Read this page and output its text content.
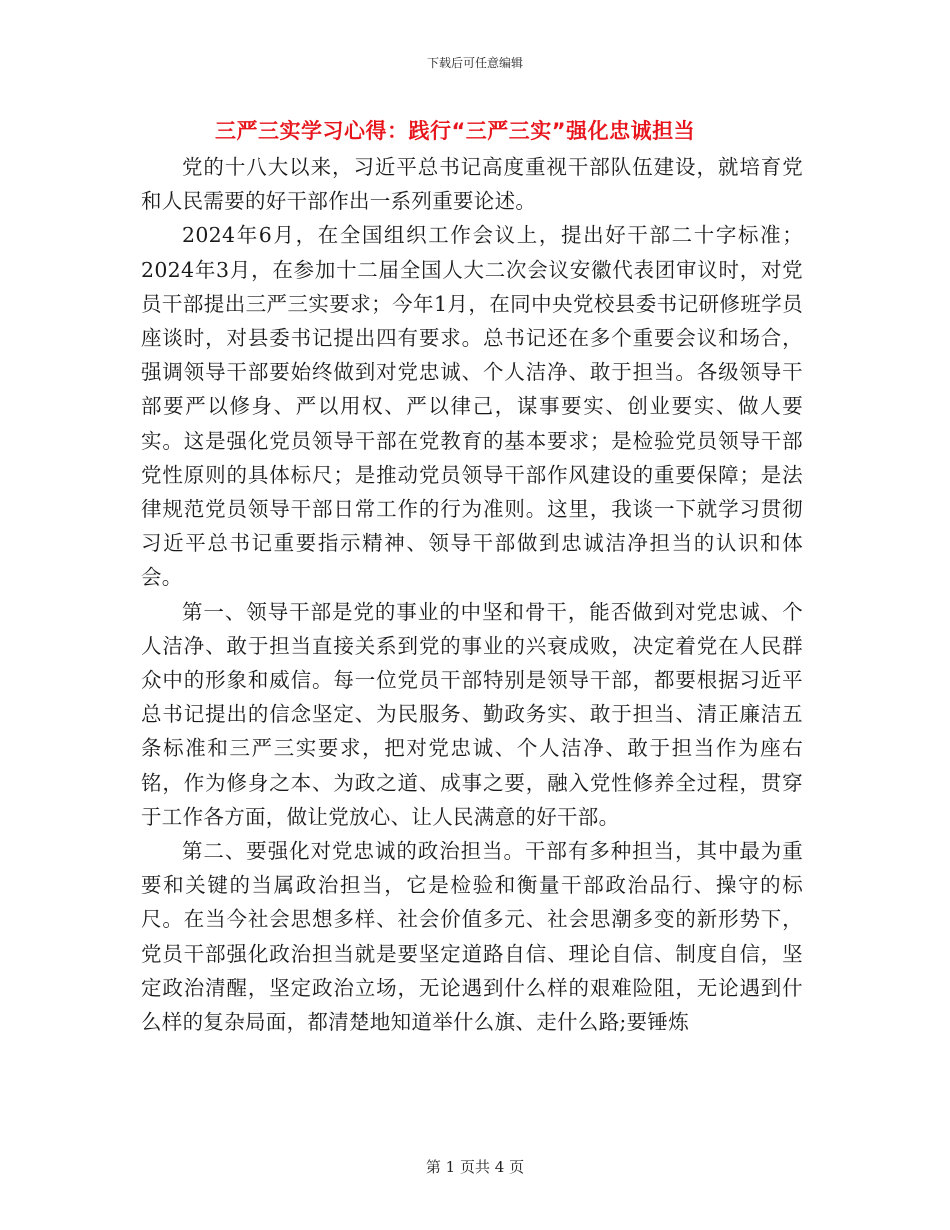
下载后可任意编辑
三严三实学习心得：践行“三严三实”强化忠诚担当

党的十八大以来，习近平总书记高度重视干部队伍建设，就培育党和人民需要的好干部作出一系列重要论述。

2024年6月，在全国组织工作会议上，提出好干部二十字标准；2024年3月，在参加十二届全国人大二次会议安徽代表团审议时，对党员干部提出三严三实要求；今年1月，在同中央党校县委书记研修班学员座谈时，对县委书记提出四有要求。总书记还在多个重要会议和场合，强调领导干部要始终做到对党忠诚、个人洁净、敢于担当。各级领导干部要严以修身、严以用权、严以律己，谋事要实、创业要实、做人要实。这是强化党员领导干部在党教育的基本要求；是检验党员领导干部党性原则的具体标尺；是推动党员领导干部作风建设的重要保障；是法律规范党员领导干部日常工作的行为准则。这里，我谈一下就学习贯彻习近平总书记重要指示精神、领导干部做到忠诚洁净担当的认识和体会。

第一、领导干部是党的事业的中坚和骨干，能否做到对党忠诚、个人洁净、敢于担当直接关系到党的事业的兴衰成败，决定着党在人民群众中的形象和威信。每一位党员干部特别是领导干部，都要根据习近平总书记提出的信念坚定、为民服务、勤政务实、敢于担当、清正廉洁五条标准和三严三实要求，把对党忠诚、个人洁净、敢于担当作为座右铭，作为修身之本、为政之道、成事之要，融入党性修养全过程，贯穿于工作各方面，做让党放心、让人民满意的好干部。

第二、要强化对党忠诚的政治担当。干部有多种担当，其中最为重要和关键的当属政治担当，它是检验和衡量干部政治品行、操守的标尺。在当今社会思想多样、社会价值多元、社会思潮多变的新形势下，党员干部强化政治担当就是要坚定道路自信、理论自信、制度自信，坚定政治清醒，坚定政治立场，无论遇到什么样的艰难险阻，无论遇到什么样的复杂局面，都清楚地知道举什么旗、走什么路;要锤炼

第 1 页共 4 页
